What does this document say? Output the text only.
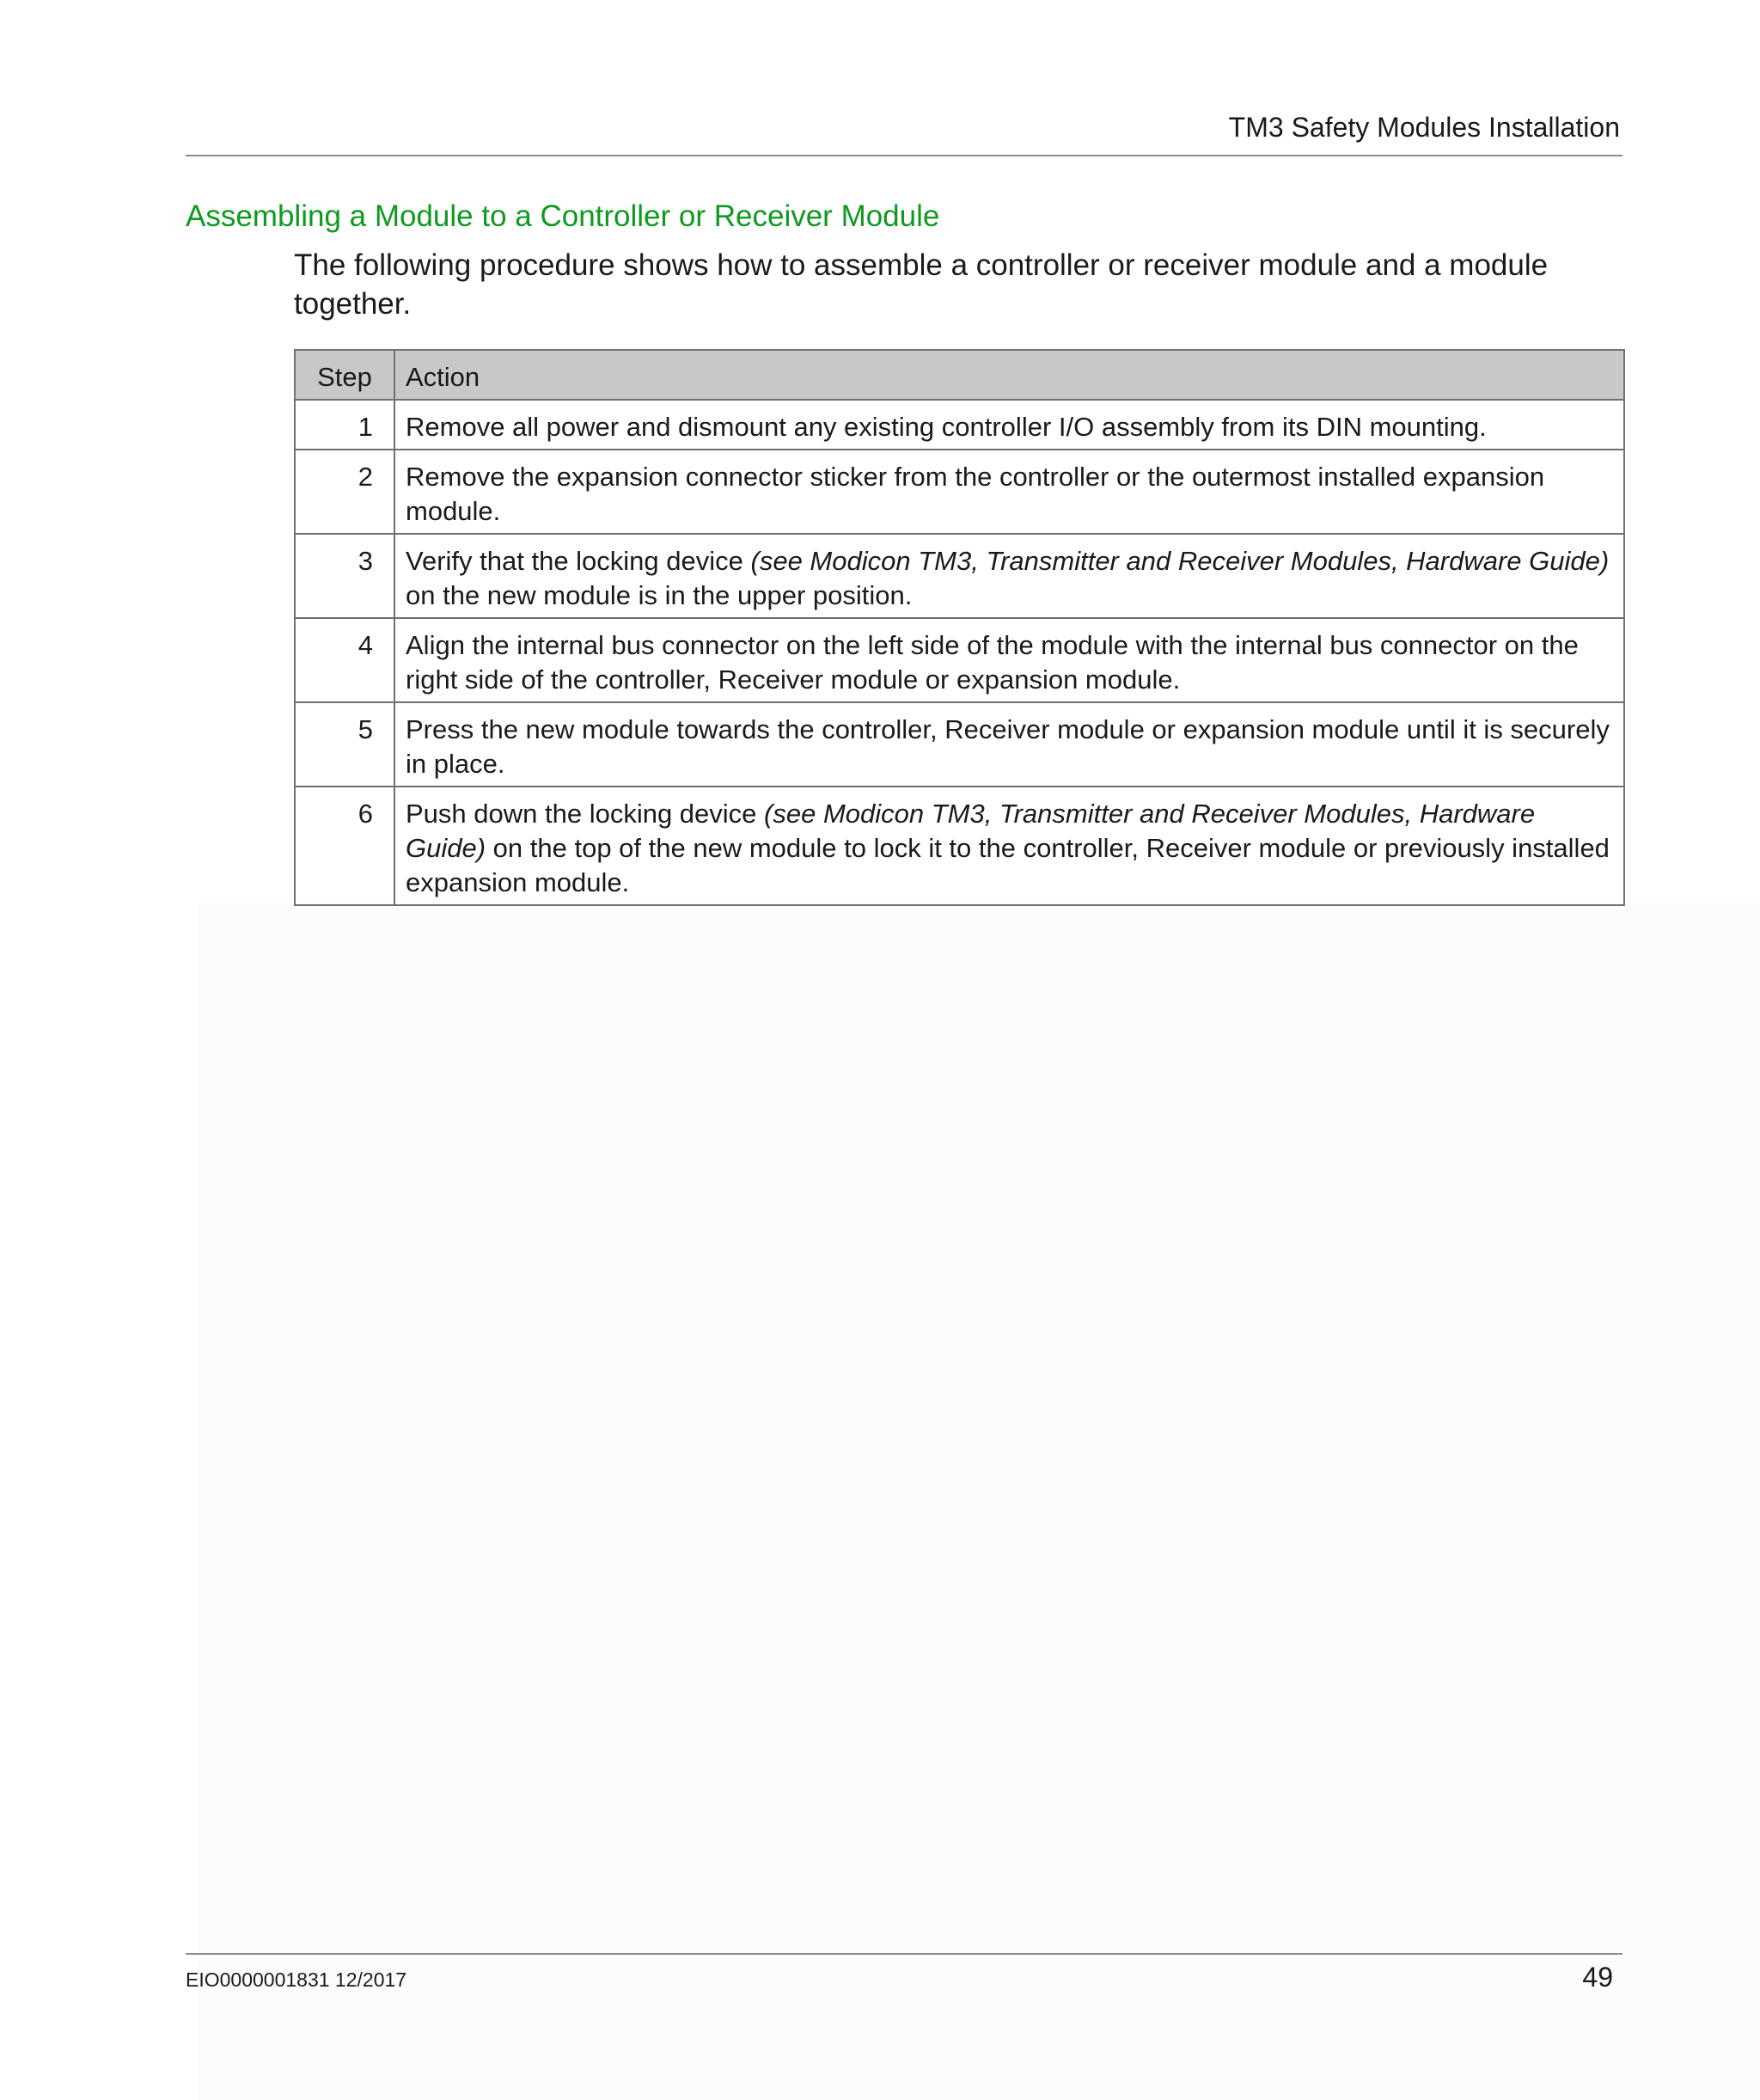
TM3 Safety Modules Installation
Assembling a Module to a Controller or Receiver Module
The following procedure shows how to assemble a controller or receiver module and a module together.
Step	Action
1	Remove all power and dismount any existing controller I/O assembly from its DIN mounting.
2	Remove the expansion connector sticker from the controller or the outermost installed expansion module.
3	Verify that the locking device (see Modicon TM3, Transmitter and Receiver Modules, Hardware Guide) on the new module is in the upper position.
4	Align the internal bus connector on the left side of the module with the internal bus connector on the right side of the controller, Receiver module or expansion module.
5	Press the new module towards the controller, Receiver module or expansion module until it is securely in place.
6	Push down the locking device (see Modicon TM3, Transmitter and Receiver Modules, Hardware Guide) on the top of the new module to lock it to the controller, Receiver module or previously installed expansion module.
EIO0000001831 12/2017	49
